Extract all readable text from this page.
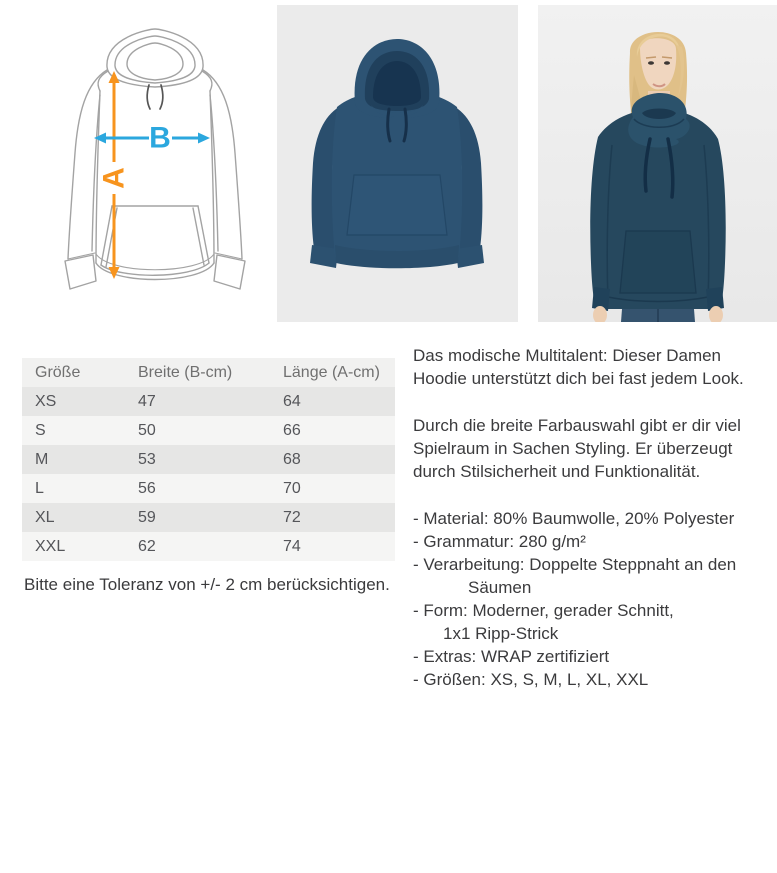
A
B
Größe	Breite (B-cm)	Länge (A-cm)
XS	47	64
S	50	66
M	53	68
L	56	70
XL	59	72
XXL	62	74
Bitte eine Toleranz von +/- 2 cm berücksichtigen.
Das modische Multitalent: Dieser Damen
Hoodie unterstützt dich bei fast jedem Look.
Durch die breite Farbauswahl gibt er dir viel
Spielraum in Sachen Styling. Er überzeugt
durch Stilsicherheit und Funktionalität.
- Material: 80% Baumwolle, 20% Polyester
- Grammatur: 280 g/m²
- Verarbeitung: Doppelte Steppnaht an den
Säumen
- Form: Moderner, gerader Schnitt,
1x1 Ripp-Strick
- Extras: WRAP zertifiziert
- Größen: XS, S, M, L, XL, XXL
